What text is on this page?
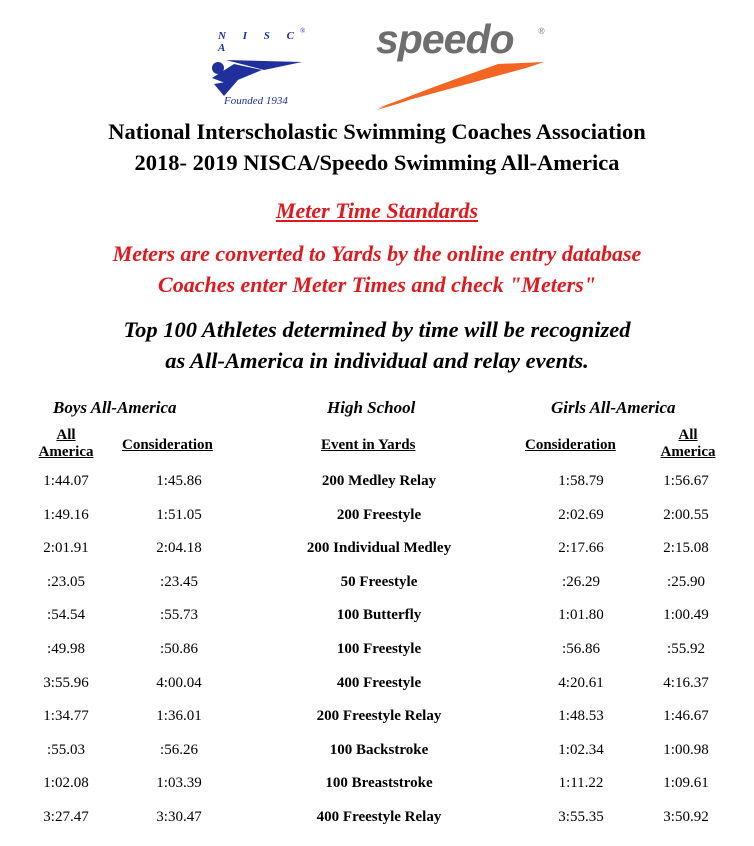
N I S C A
®
Founded 1934
speedo	®
National Interscholastic Swimming Coaches Association
2018- 2019 NISCA/Speedo Swimming All-America
Meter Time Standards
Meters are converted to Yards by the online entry database
Coaches enter Meter Times and check "Meters"
Top 100 Athletes determined by time will be recognized
as All-America in individual and relay events.
Boys All-America	High School	Girls All-America
All
America	Consideration	Event in Yards	Consideration
All
America
1:44.07	1:45.86	200 Medley Relay	1:58.79	1:56.67
1:49.16	1:51.05	200 Freestyle	2:02.69	2:00.55
2:01.91	2:04.18	200 Individual Medley	2:17.66	2:15.08
:23.05	:23.45	50 Freestyle	:26.29	:25.90
:54.54	:55.73	100 Butterfly	1:01.80	1:00.49
:49.98	:50.86	100 Freestyle	:56.86	:55.92
3:55.96	4:00.04	400 Freestyle	4:20.61	4:16.37
1:34.77	1:36.01	200 Freestyle Relay	1:48.53	1:46.67
:55.03	:56.26	100 Backstroke	1:02.34	1:00.98
1:02.08	1:03.39	100 Breaststroke	1:11.22	1:09.61
3:27.47	3:30.47	400 Freestyle Relay	3:55.35	3:50.92
